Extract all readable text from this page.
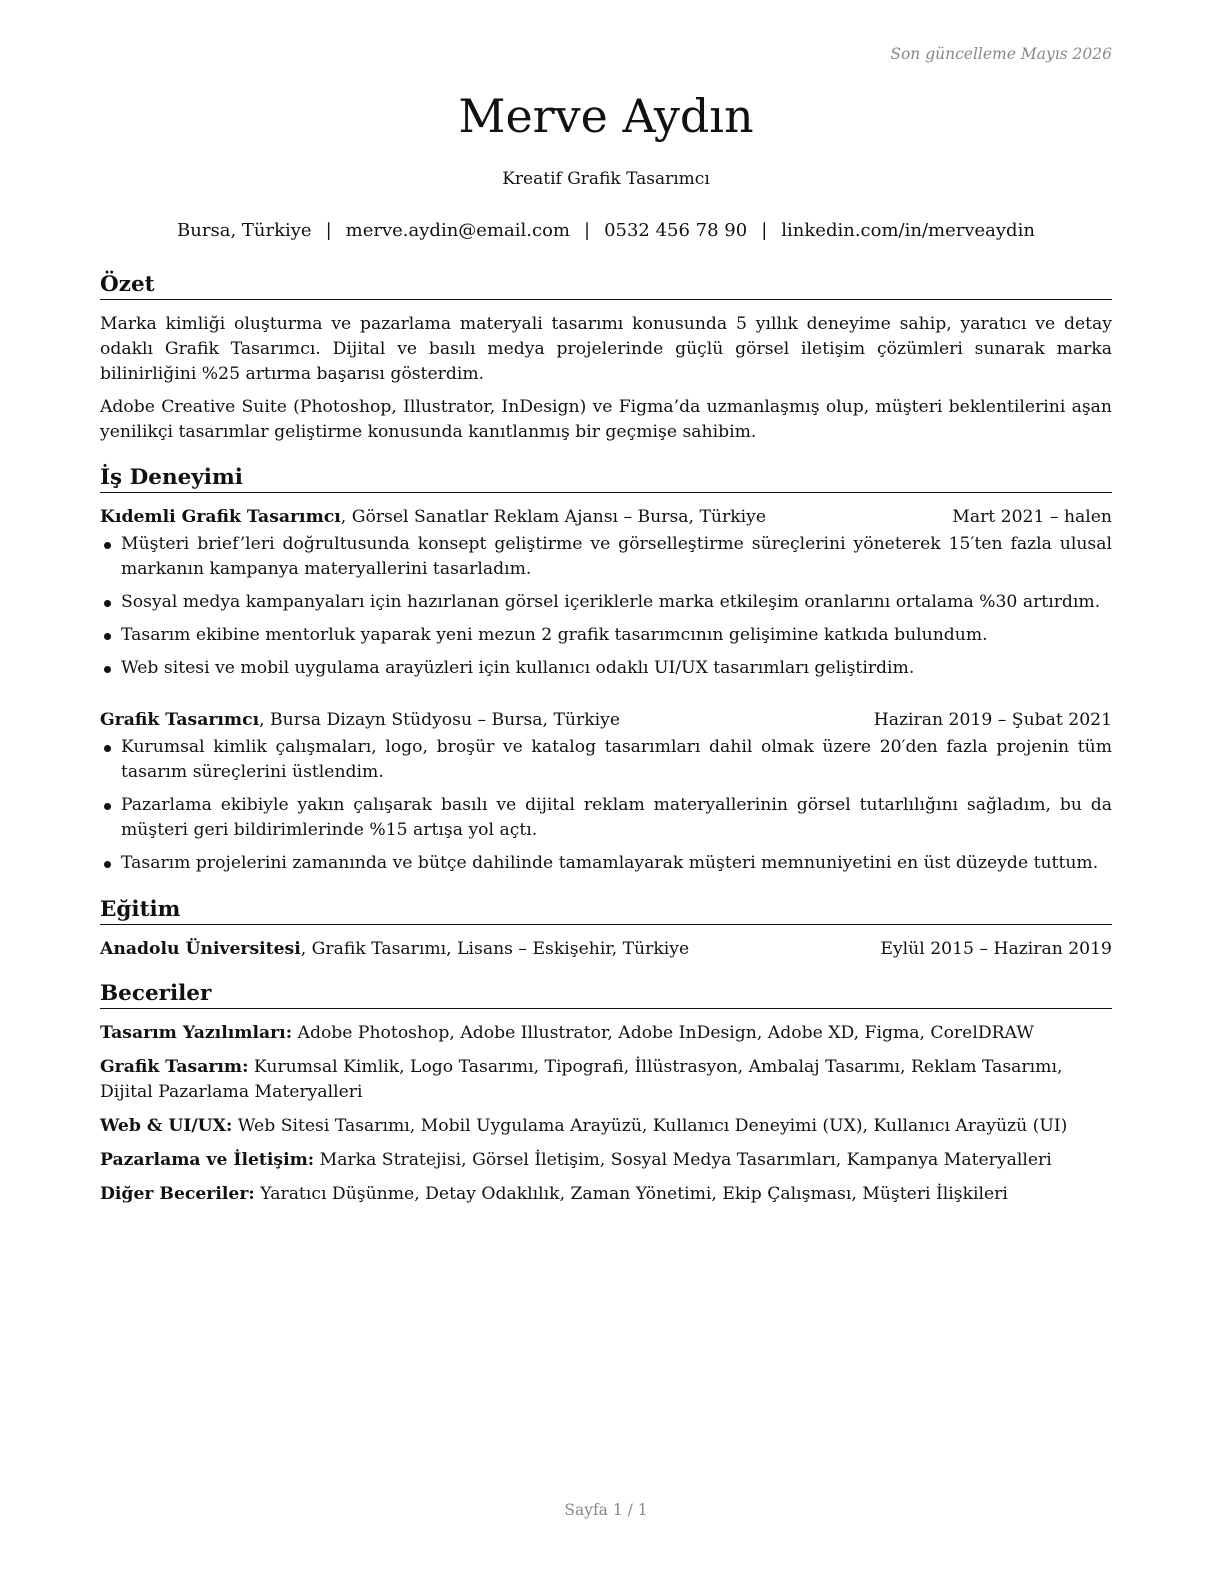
Son güncelleme Mayıs 2026
Merve Aydın
Kreatif Grafik Tasarımcı
Bursa, Türkiye | merve.aydin@email.com | 0532 456 78 90 | linkedin.com/in/merveaydin
Özet

Marka kimliği oluşturma ve pazarlama materyali tasarımı konusunda 5 yıllık deneyime sahip, yaratıcı ve detay odaklı Grafik Tasarımcı. Dijital ve basılı medya projelerinde güçlü görsel iletişim çözümleri sunarak marka bilinirliğini %25 artırma başarısı gösterdim.

Adobe Creative Suite (Photoshop, Illustrator, InDesign) ve Figma’da uzmanlaşmış olup, müşteri beklentilerini aşan yenilikçi tasarımlar geliştirme konusunda kanıtlanmış bir geçmişe sahibim.

İş Deneyimi
Kıdemli Grafik Tasarımcı, Görsel Sanatlar Reklam Ajansı – Bursa, Türkiye	Mart 2021 – halen
Müşteri brief’leri doğrultusunda konsept geliştirme ve görselleştirme süreçlerini yöneterek 15′ten fazla ulusal markanın kampanya materyallerini tasarladım.
Sosyal medya kampanyaları için hazırlanan görsel içeriklerle marka etkileşim oranlarını ortalama %30 artırdım.
Tasarım ekibine mentorluk yaparak yeni mezun 2 grafik tasarımcının gelişimine katkıda bulundum.
Web sitesi ve mobil uygulama arayüzleri için kullanıcı odaklı UI/UX tasarımları geliştirdim.
Grafik Tasarımcı, Bursa Dizayn Stüdyosu – Bursa, Türkiye	Haziran 2019 – Şubat 2021
Kurumsal kimlik çalışmaları, logo, broşür ve katalog tasarımları dahil olmak üzere 20′den fazla projenin tüm tasarım süreçlerini üstlendim.
Pazarlama ekibiyle yakın çalışarak basılı ve dijital reklam materyallerinin görsel tutarlılığını sağladım, bu da müşteri geri bildirimlerinde %15 artışa yol açtı.
Tasarım projelerini zamanında ve bütçe dahilinde tamamlayarak müşteri memnuniyetini en üst düzeyde tuttum.
Eğitim
Anadolu Üniversitesi, Grafik Tasarımı, Lisans – Eskişehir, Türkiye	Eylül 2015 – Haziran 2019
Beceriler
Tasarım Yazılımları: Adobe Photoshop, Adobe Illustrator, Adobe InDesign, Adobe XD, Figma, CorelDRAW
Grafik Tasarım: Kurumsal Kimlik, Logo Tasarımı, Tipografi, İllüstrasyon, Ambalaj Tasarımı, Reklam Tasarımı, Dijital Pazarlama Materyalleri
Web & UI/UX: Web Sitesi Tasarımı, Mobil Uygulama Arayüzü, Kullanıcı Deneyimi (UX), Kullanıcı Arayüzü (UI)
Pazarlama ve İletişim: Marka Stratejisi, Görsel İletişim, Sosyal Medya Tasarımları, Kampanya Materyalleri
Diğer Beceriler: Yaratıcı Düşünme, Detay Odaklılık, Zaman Yönetimi, Ekip Çalışması, Müşteri İlişkileri
Sayfa 1 / 1
